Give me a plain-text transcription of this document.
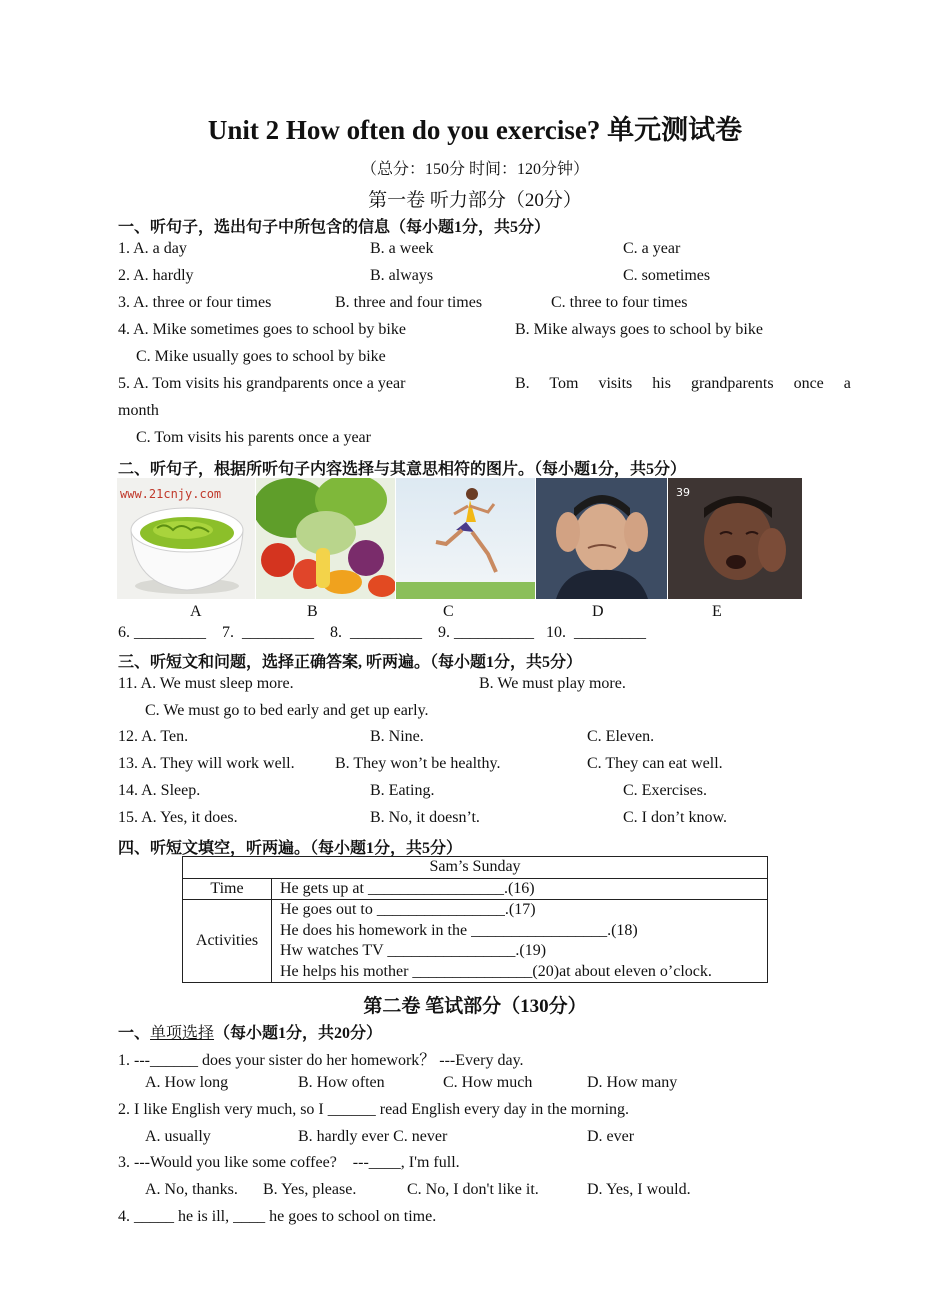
Unit 2 How often do you exercise? 单元测试卷
（总分：150分 时间：120分钟）
第一卷 听力部分（20分）
一、听句子，选出句子中所包含的信息（每小题1分，共5分）
1. A. a day	B. a week	C. a year
2. A. hardly	B. always	C. sometimes
3. A. three or four times	B. three and four times	C. three to four times
4. A. Mike sometimes goes to school by bike	B. Mike always goes to school by bike
C. Mike usually goes to school by bike
5. A. Tom visits his grandparents once a year	B.  Tom  visits  his  grandparents  once  a
month
C. Tom visits his parents once a year
二、听句子，根据所听句子内容选择与其意思相符的图片。（每小题1分，共5分）
www.21cnjy.com	39
A	B	C	D	E
6. _________    7.  _________    8.  _________    9. __________   10.  _________
三、听短文和问题，选择正确答案, 听两遍。（每小题1分，共5分）
11. A. We must sleep more.	B. We must play more.
C. We must go to bed early and get up early.
12. A. Ten.	B. Nine.	C. Eleven.
13. A. They will work well.	B. They won’t be healthy.	C. They can eat well.
14. A. Sleep.	B. Eating.	C. Exercises.
15. A. Yes, it does.	B. No, it doesn’t.	C. I don’t know.
四、听短文填空，听两遍。（每小题1分，共5分）
Sam’s Sunday	
Time	He gets up at _________________.(16)
Activities	He goes out to ________________.(17)
He does his homework in the _________________.(18)
Hw watches TV ________________.(19)
He helps his mother _______________(20)at about eleven o’clock.
第二卷 笔试部分（130分）
一、单项选择（每小题1分，共20分）
1. ---______ does your sister do her homework？ ---Every day.
A. How long	B. How often	C. How much	D. How many
2. I like English very much, so I ______ read English every day in the morning.
A. usually	B. hardly ever C. never	D. ever
3. ---Would you like some coffee?    ---____, I'm full.
A. No, thanks. B. Yes, please.	C. No, I don't like it.	D. Yes, I would.
4. _____ he is ill, ____ he goes to school on time.
